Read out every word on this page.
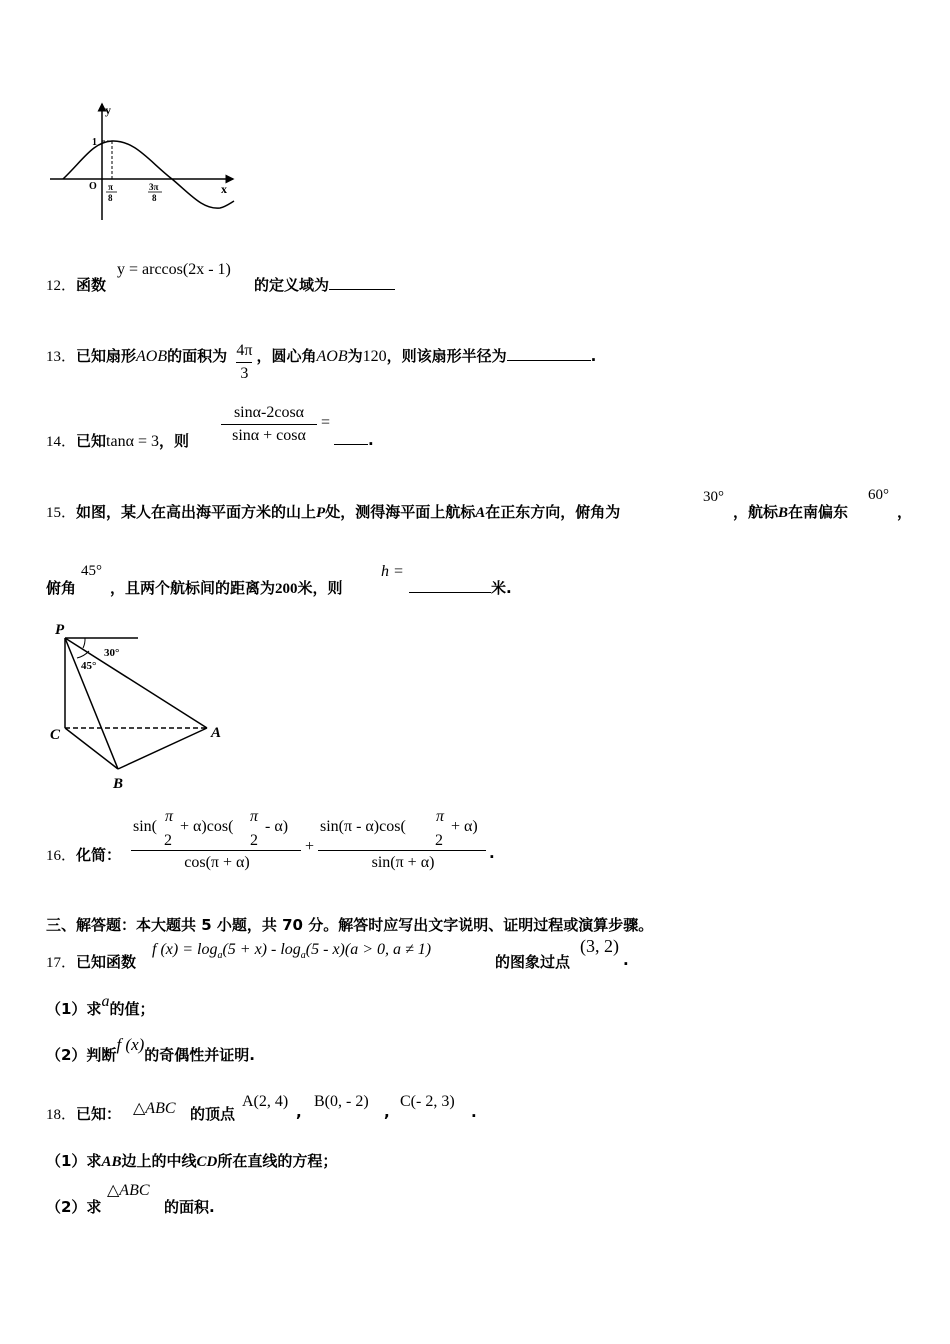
y
x
O
1
π
8
3π
8
12．函数
y = arccos(2x - 1)
的定义域为
13．已知扇形AOB的面积为 $\frac{4\pi}{3}$ ，圆心角AOB为120，则该扇形半径为	.
14．已知tanα = 3，则
sinα-2cosα
sinα + cosα
=
.
15．如图，某人在高出海平面方米的山上P处，测得海平面上航标A在正东方向，俯角为
30°
，航标B在南偏东
60°
，
俯角
45°
，且两个航标间的距离为200米，则
h =
米.
P
C	A
B
30°
45°
16．化简：
sin(
π
2
+ α)cos(
π
2
- α)
cos(π + α)
+
sin(π - α)cos(
π
2
+ α)
sin(π + α)
.
三、解答题：本大题共 5 小题，共 70 分。解答时应写出文字说明、证明过程或演算步骤。
17．已知函数
f $(x) = \log_a(5 + x) - \log_a(5 - x)(a > 0$, a ≠ 1)
的图象过点
(3, 2)
.
（1）求a的值；
（2）判断f (x)的奇偶性并证明.
18．已知： △ABC 的顶点
A(2, 4)
,
B(0, - 2)
,
C(- 2, 3)
.
（1）求AB边上的中线CD所在直线的方程；
（2）求
△ABC
的面积.
